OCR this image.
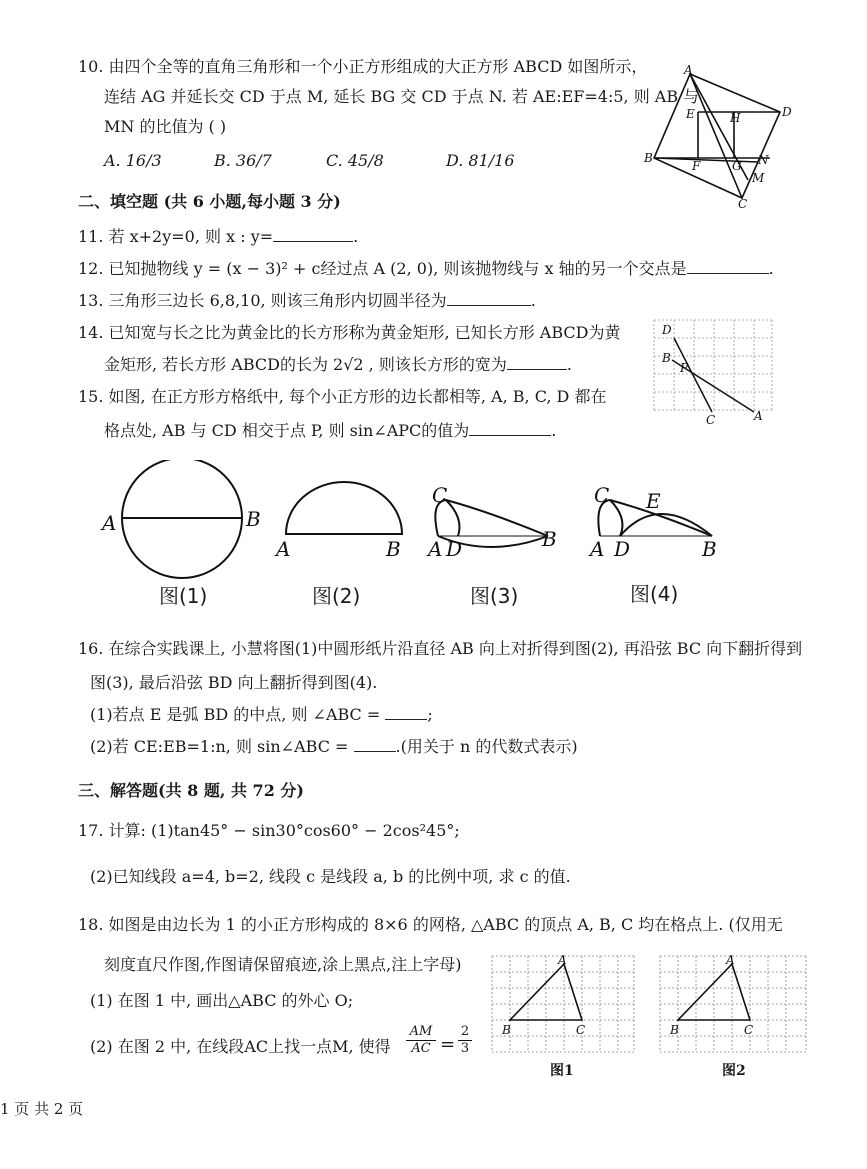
10. 由四个全等的直角三角形和一个小正方形组成的大正方形 ABCD 如图所示，
连结 AG 并延长交 CD 于点 M, 延长 BG 交 CD 于点 N. 若 AE:EF=4:5, 则 AB 与
MN 的比值为 ( )
A. 16/3	B. 36/7	C. 45/8	D. 81/16
A
E	H	D
B
F	G N
M
C
二、填空题 (共 6 小题,每小题 3 分)
11. 若 x+2y=0, 则 x : y=	.
12. 已知抛物线 y = (x − 3)² + c经过点 A (2, 0), 则该抛物线与 x 轴的另一个交点是	.
13. 三角形三边长 6,8,10, 则该三角形内切圆半径为	.
14. 已知宽与长之比为黄金比的长方形称为黄金矩形, 已知长方形 ABCD为黄
金矩形, 若长方形 ABCD的长为 2√2 , 则该长方形的宽为	.
15. 如图, 在正方形方格纸中, 每个小正方形的边长都相等, A, B, C, D 都在
格点处, AB 与 CD 相交于点 P, 则 sin∠APC的值为	.
D
B
P
C	A
A	B
图(1)
A	B
图(2)
C
A D	B
图(3)
C E
A D	B
图(4)
16. 在综合实践课上, 小慧将图(1)中圆形纸片沿直径 AB 向上对折得到图(2), 再沿弦 BC 向下翻折得到
图(3), 最后沿弦 BD 向上翻折得到图(4).
(1)若点 E 是弧 BD 的中点, 则 ∠ABC =	;
(2)若 CE:EB=1:n, 则 sin∠ABC =	.(用关于 n 的代数式表示)
三、解答题(共 8 题, 共 72 分)
17. 计算: (1)tan45° − sin30°cos60° − 2cos²45°;
(2)已知线段 a=4, b=2, 线段 c 是线段 a, b 的比例中项, 求 c 的值.
18. 如图是由边长为 1 的小正方形构成的 8×6 的网格, △ABC 的顶点 A, B, C 均在格点上. (仅用无
刻度直尺作图,作图请保留痕迹,涂上黑点,注上字母)
(1) 在图 1 中, 画出△ABC 的外心 O;
(2) 在图 2 中, 在线段AC上找一点M, 使得 $\frac{AM}{AC}$ =
2
3
A
B	C
图1
A
B	C
图2
1 页 共 2 页
